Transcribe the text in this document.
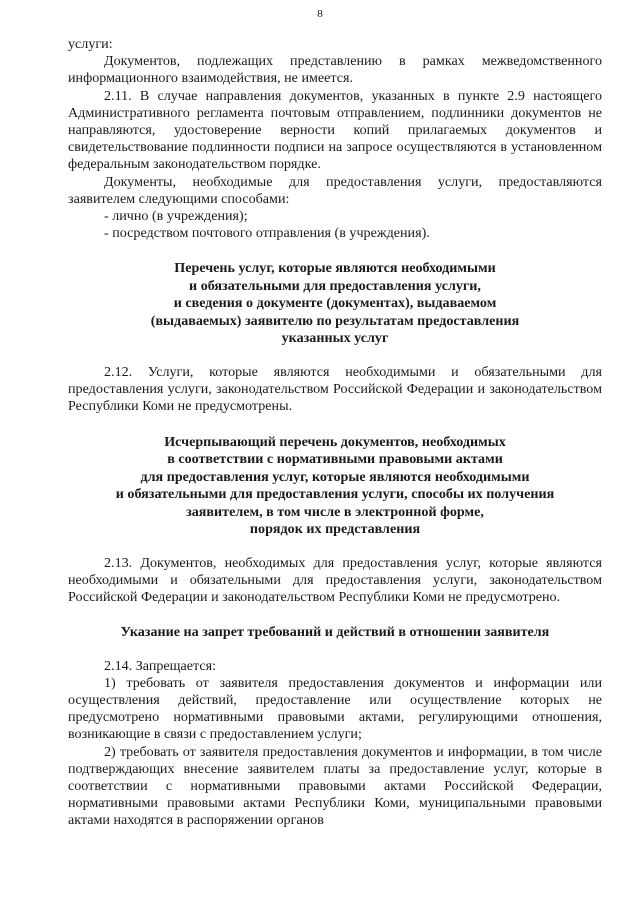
8

услуги:

Документов, подлежащих представлению в рамках межведомственного информационного взаимодействия, не имеется.

2.11. В случае направления документов, указанных в пункте 2.9 настоящего Административного регламента почтовым отправлением, подлинники документов не направляются, удостоверение верности копий прилагаемых документов и свидетельствование подлинности подписи на запросе осуществляются в установленном федеральным законодательством порядке.

Документы, необходимые для предоставления услуги, предоставляются заявителем следующими способами:

- лично (в учреждения);

- посредством почтового отправления (в учреждения).

Перечень услуг, которые являются необходимыми
и обязательными для предоставления услуги,
и сведения о документе (документах), выдаваемом
(выдаваемых) заявителю по результатам предоставления
указанных услуг

2.12. Услуги, которые являются необходимыми и обязательными для предоставления услуги, законодательством Российской Федерации и законодательством Республики Коми не предусмотрены.

Исчерпывающий перечень документов, необходимых
в соответствии с нормативными правовыми актами
для предоставления услуг, которые являются необходимыми
и обязательными для предоставления услуги, способы их получения
заявителем, в том числе в электронной форме,
порядок их представления

2.13. Документов, необходимых для предоставления услуг, которые являются необходимыми и обязательными для предоставления услуги, законодательством Российской Федерации и законодательством Республики Коми не предусмотрено.

Указание на запрет требований и действий в отношении заявителя

2.14. Запрещается:

1) требовать от заявителя предоставления документов и информации или осуществления действий, предоставление или осуществление которых не предусмотрено нормативными правовыми актами, регулирующими отношения, возникающие в связи с предоставлением услуги;

2) требовать от заявителя предоставления документов и информации, в том числе подтверждающих внесение заявителем платы за предоставление услуг, которые в соответствии с нормативными правовыми актами Российской Федерации, нормативными правовыми актами Республики Коми, муниципальными правовыми актами находятся в распоряжении органов
